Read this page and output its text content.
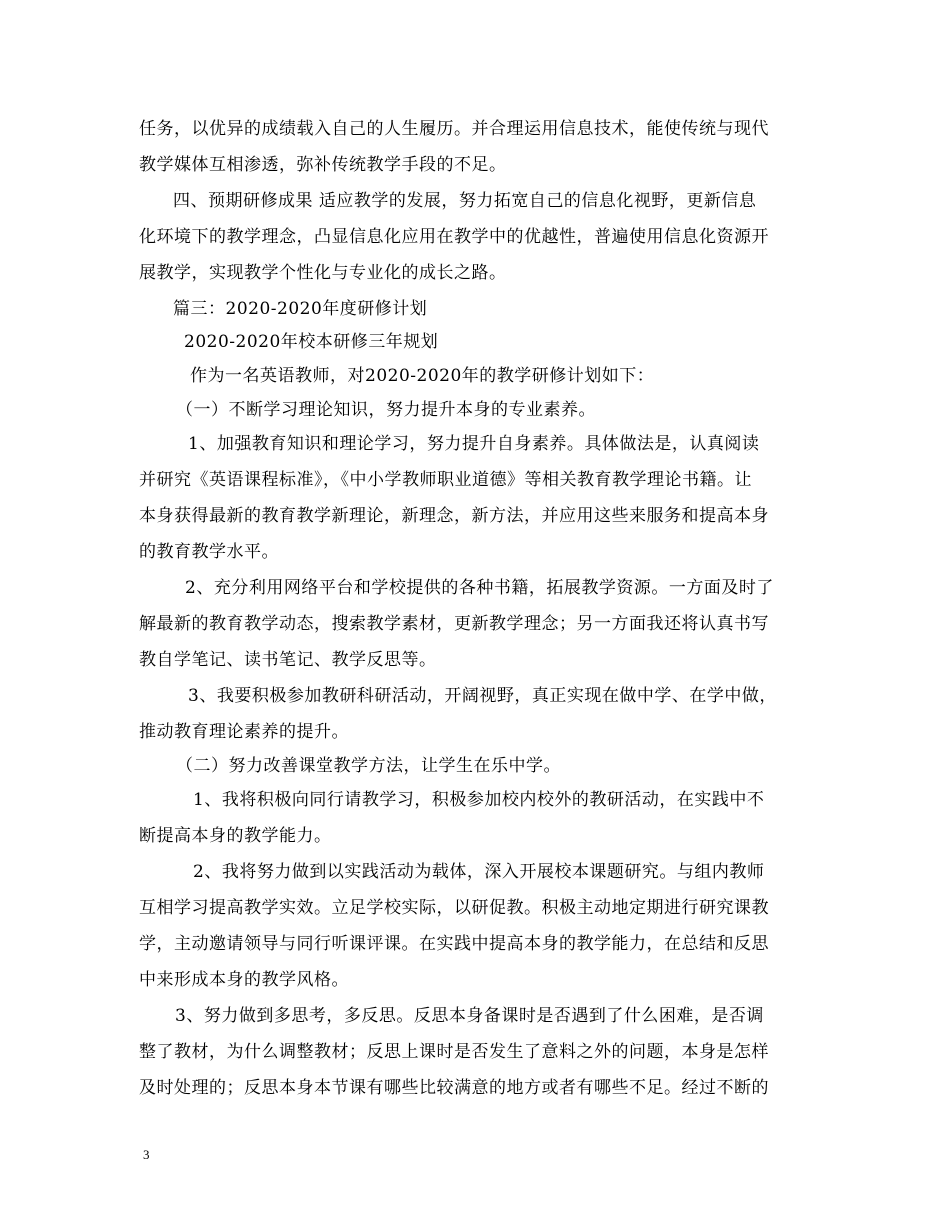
任务，以优异的成绩载入自己的人生履历。并合理运用信息技术，能使传统与现代
教学媒体互相渗透，弥补传统教学手段的不足。
四、预期研修成果 适应教学的发展，努力拓宽自己的信息化视野，更新信息
化环境下的教学理念，凸显信息化应用在教学中的优越性，普遍使用信息化资源开
展教学，实现教学个性化与专业化的成长之路。
篇三：2020-2020年度研修计划
2020-2020年校本研修三年规划
作为一名英语教师，对2020-2020年的教学研修计划如下：
（一）不断学习理论知识，努力提升本身的专业素养。
1、加强教育知识和理论学习，努力提升自身素养。具体做法是，认真阅读
并研究《英语课程标准》，《中小学教师职业道德》等相关教育教学理论书籍。让
本身获得最新的教育教学新理论，新理念，新方法，并应用这些来服务和提高本身
的教育教学水平。
2、充分利用网络平台和学校提供的各种书籍，拓展教学资源。一方面及时了
解最新的教育教学动态，搜索教学素材，更新教学理念；另一方面我还将认真书写
教自学笔记、读书笔记、教学反思等。
3、我要积极参加教研科研活动，开阔视野，真正实现在做中学、在学中做，
推动教育理论素养的提升。
（二）努力改善课堂教学方法，让学生在乐中学。
1、我将积极向同行请教学习，积极参加校内校外的教研活动，在实践中不
断提高本身的教学能力。
2、我将努力做到以实践活动为载体，深入开展校本课题研究。与组内教师
互相学习提高教学实效。立足学校实际，以研促教。积极主动地定期进行研究课教
学，主动邀请领导与同行听课评课。在实践中提高本身的教学能力，在总结和反思
中来形成本身的教学风格。
3、努力做到多思考，多反思。反思本身备课时是否遇到了什么困难，是否调
整了教材，为什么调整教材；反思上课时是否发生了意料之外的问题，本身是怎样
及时处理的；反思本身本节课有哪些比较满意的地方或者有哪些不足。经过不断的
3
